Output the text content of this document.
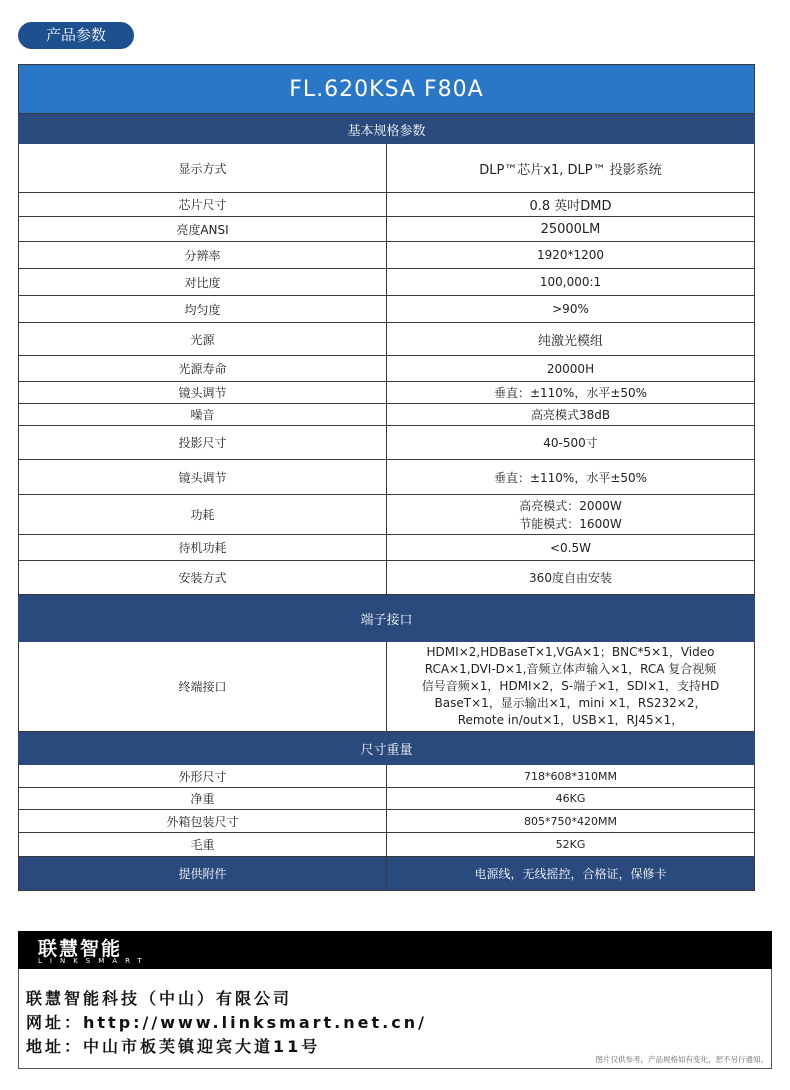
产品参数
FL.620KSA F80A
基本规格参数	
显示方式	DLP™芯片x1, DLP™ 投影系统
芯片尺寸	0.8 英吋DMD
亮度ANSI	25000LM
分辨率	1920*1200
对比度	100,000:1
均匀度	>90%
光源	纯激光模组
光源寿命	20000H
镜头调节	垂直：±110%，水平±50%
噪音	高亮模式38dB
投影尺寸	40-500寸
镜头调节	垂直：±110%，水平±50%
功耗	高亮模式：2000W
节能模式：1600W

待机功耗	<0.5W
安装方式	360度自由安装
端子接口	
终端接口	HDMI×2,HDBaseT×1,VGA×1；BNC*5×1，Video RCA×1,DVI-D×1,音频立体声输入×1，RCA 复合视频
信号音频×1，HDMI×2，S-端子×1，SDI×1，支持HD BaseT×1，显示输出×1，mini ×1，RS232×2，
Remote in/out×1，USB×1，RJ45×1，

尺寸重量	
外形尺寸	718*608*310MM
净重	46KG
外箱包装尺寸	805*750*420MM
毛重	52KG
提供附件	电源线，无线摇控，合格证，保修卡
联慧智能
LINKSMART
联慧智能科技（中山）有限公司
网址：http://www.linksmart.net.cn/
地址：中山市板芙镇迎宾大道11号
图片仅供参考，产品规格如有变化，恕不另行通知。
